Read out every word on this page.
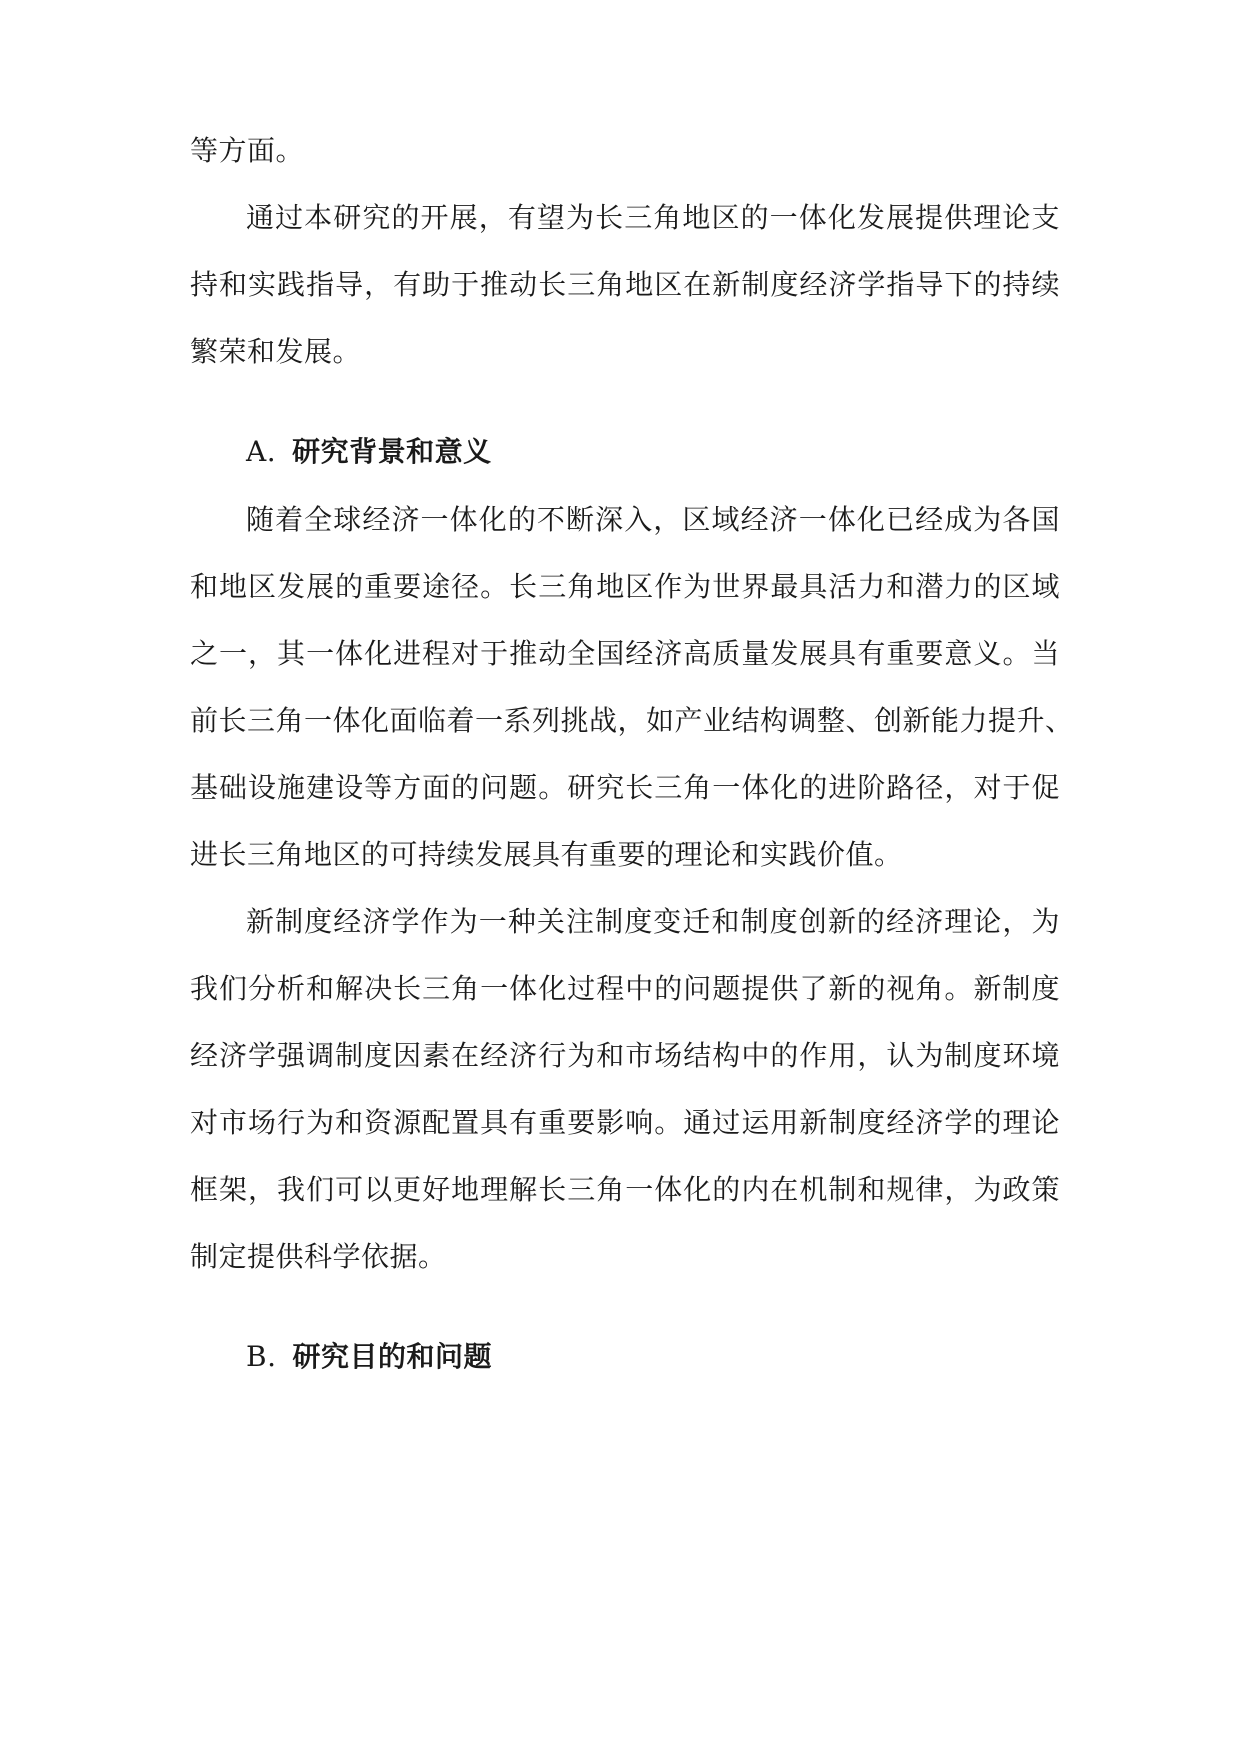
等方面。
通过本研究的开展，有望为长三角地区的一体化发展提供理论支
持和实践指导，有助于推动长三角地区在新制度经济学指导下的持续
繁荣和发展。
A. 研究背景和意义
随着全球经济一体化的不断深入，区域经济一体化已经成为各国
和地区发展的重要途径。长三角地区作为世界最具活力和潜力的区域
之一，其一体化进程对于推动全国经济高质量发展具有重要意义。当
前长三角一体化面临着一系列挑战，如产业结构调整、创新能力提升、
基础设施建设等方面的问题。研究长三角一体化的进阶路径，对于促
进长三角地区的可持续发展具有重要的理论和实践价值。
新制度经济学作为一种关注制度变迁和制度创新的经济理论，为
我们分析和解决长三角一体化过程中的问题提供了新的视角。新制度
经济学强调制度因素在经济行为和市场结构中的作用，认为制度环境
对市场行为和资源配置具有重要影响。通过运用新制度经济学的理论
框架，我们可以更好地理解长三角一体化的内在机制和规律，为政策
制定提供科学依据。
B. 研究目的和问题
